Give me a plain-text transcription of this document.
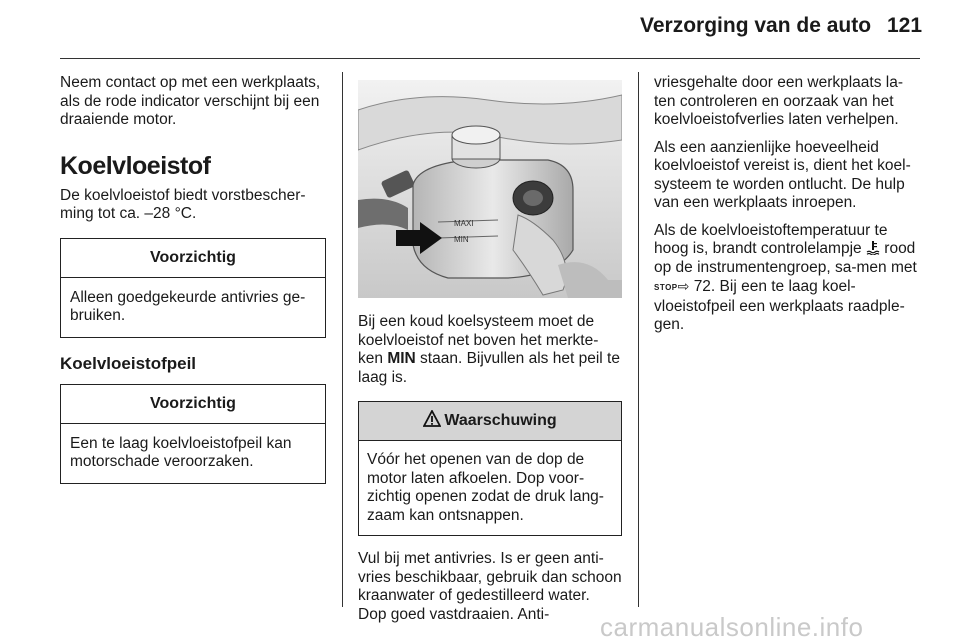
Verzorging van de auto 121

Neem contact op met een werkplaats, als de rode indicator verschijnt bij een draaiende motor.

Koelvloeistof

De koelvloeistof biedt vorstbescher-ming tot ca. –28 °C.

Voorzichtig
Alleen goedgekeurde antivries ge-bruiken.
Koelvloeistofpeil
Voorzichtig
Een te laag koelvloeistofpeil kan motorschade veroorzaken.
MAXI
MIN

Bij een koud koelsysteem moet de koelvloeistof net boven het merkte-ken MIN staan. Bijvullen als het peil te laag is.

Waarschuwing
Vóór het openen van de dop de motor laten afkoelen. Dop voor-zichtig openen zodat de druk lang-zaam kan ontsnappen.

Vul bij met antivries. Is er geen anti-vries beschikbaar, gebruik dan schoon kraanwater of gedestilleerd water. Dop goed vastdraaien. Anti-

vriesgehalte door een werkplaats la-ten controleren en oorzaak van het koelvloeistofverlies laten verhelpen.

Als een aanzienlijke hoeveelheid koelvloeistof vereist is, dient het koel-systeem te worden ontlucht. De hulp van een werkplaats inroepen.

Als de koelvloeistoftemperatuur te hoog is, brandt controlelampje rood op de instrumentengroep, sa-men met STOP⇨ 72. Bij een te laag koel-vloeistofpeil een werkplaats raadple-gen.

carmanualsonline.info
